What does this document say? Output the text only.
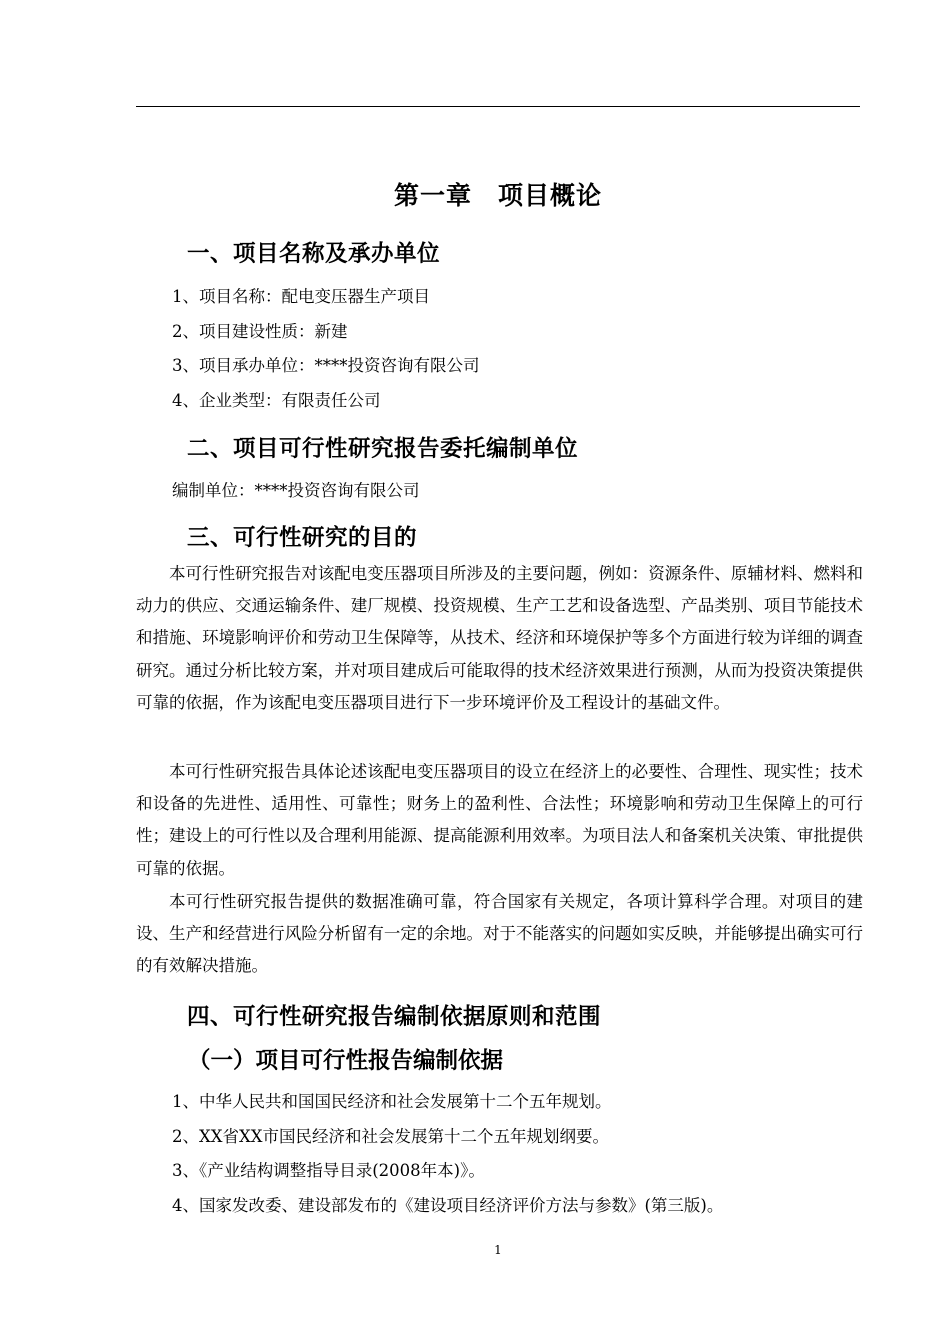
第一章　项目概论
一、项目名称及承办单位
1、项目名称：配电变压器生产项目
2、项目建设性质：新建
3、项目承办单位：****投资咨询有限公司
4、企业类型：有限责任公司
二、项目可行性研究报告委托编制单位
编制单位：****投资咨询有限公司
三、可行性研究的目的

本可行性研究报告对该配电变压器项目所涉及的主要问题，例如：资源条件、原辅材料、燃料和动力的供应、交通运输条件、建厂规模、投资规模、生产工艺和设备选型、产品类别、项目节能技术和措施、环境影响评价和劳动卫生保障等，从技术、经济和环境保护等多个方面进行较为详细的调查研究。通过分析比较方案，并对项目建成后可能取得的技术经济效果进行预测，从而为投资决策提供可靠的依据，作为该配电变压器项目进行下一步环境评价及工程设计的基础文件。

本可行性研究报告具体论述该配电变压器项目的设立在经济上的必要性、合理性、现实性；技术和设备的先进性、适用性、可靠性；财务上的盈利性、合法性；环境影响和劳动卫生保障上的可行性；建设上的可行性以及合理利用能源、提高能源利用效率。为项目法人和备案机关决策、审批提供可靠的依据。

本可行性研究报告提供的数据准确可靠，符合国家有关规定，各项计算科学合理。对项目的建设、生产和经营进行风险分析留有一定的余地。对于不能落实的问题如实反映，并能够提出确实可行的有效解决措施。

四、可行性研究报告编制依据原则和范围
（一）项目可行性报告编制依据
1、中华人民共和国国民经济和社会发展第十二个五年规划。
2、XX省XX市国民经济和社会发展第十二个五年规划纲要。
3、《产业结构调整指导目录(2008年本)》。
4、国家发改委、建设部发布的《建设项目经济评价方法与参数》(第三版)。
1
